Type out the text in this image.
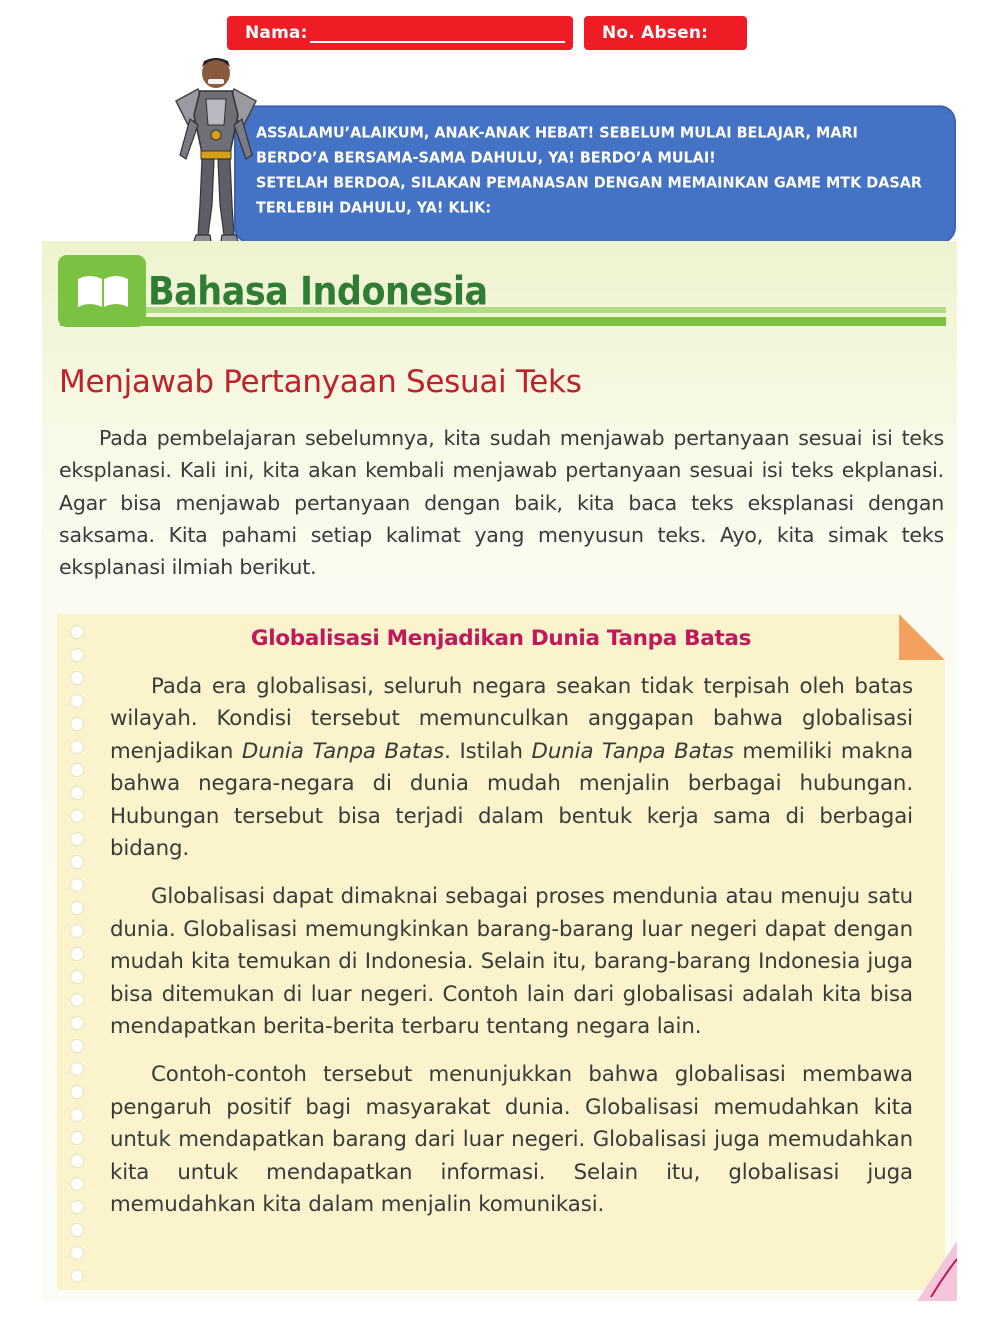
Nama:	No. Absen:

ASSALAMU’ALAIKUM, ANAK-ANAK HEBAT! SEBELUM MULAI BELAJAR, MARI BERDO’A BERSAMA-SAMA DAHULU, YA! BERDO’A MULAI!

SETELAH BERDOA, SILAKAN PEMANASAN DENGAN MEMAINKAN GAME MTK DASAR TERLEBIH DAHULU, YA! KLIK:

Bahasa Indonesia
Menjawab Pertanyaan Sesuai Teks
Pada pembelajaran sebelumnya, kita sudah menjawab pertanyaan sesuai isi teks eksplanasi. Kali ini, kita akan kembali menjawab pertanyaan sesuai isi teks ekplanasi. Agar bisa menjawab pertanyaan dengan baik, kita baca teks eksplanasi dengan saksama. Kita pahami setiap kalimat yang menyusun teks. Ayo, kita simak teks eksplanasi ilmiah berikut.
Globalisasi Menjadikan Dunia Tanpa Batas

Pada era globalisasi, seluruh negara seakan tidak terpisah oleh batas wilayah. Kondisi tersebut memunculkan anggapan bahwa globalisasi menjadikan Dunia Tanpa Batas. Istilah Dunia Tanpa Batas memiliki makna bahwa negara-negara di dunia mudah menjalin berbagai hubungan. Hubungan tersebut bisa terjadi dalam bentuk kerja sama di berbagai bidang.

Globalisasi dapat dimaknai sebagai proses mendunia atau menuju satu dunia. Globalisasi memungkinkan barang-barang luar negeri dapat dengan mudah kita temukan di Indonesia. Selain itu, barang-barang Indonesia juga bisa ditemukan di luar negeri. Contoh lain dari globalisasi adalah kita bisa mendapatkan berita-berita terbaru tentang negara lain.

Contoh-contoh tersebut menunjukkan bahwa globalisasi membawa pengaruh positif bagi masyarakat dunia. Globalisasi memudahkan kita untuk mendapatkan barang dari luar negeri. Globalisasi juga memudahkan kita untuk mendapatkan informasi. Selain itu, globalisasi juga memudahkan kita dalam menjalin komunikasi.
